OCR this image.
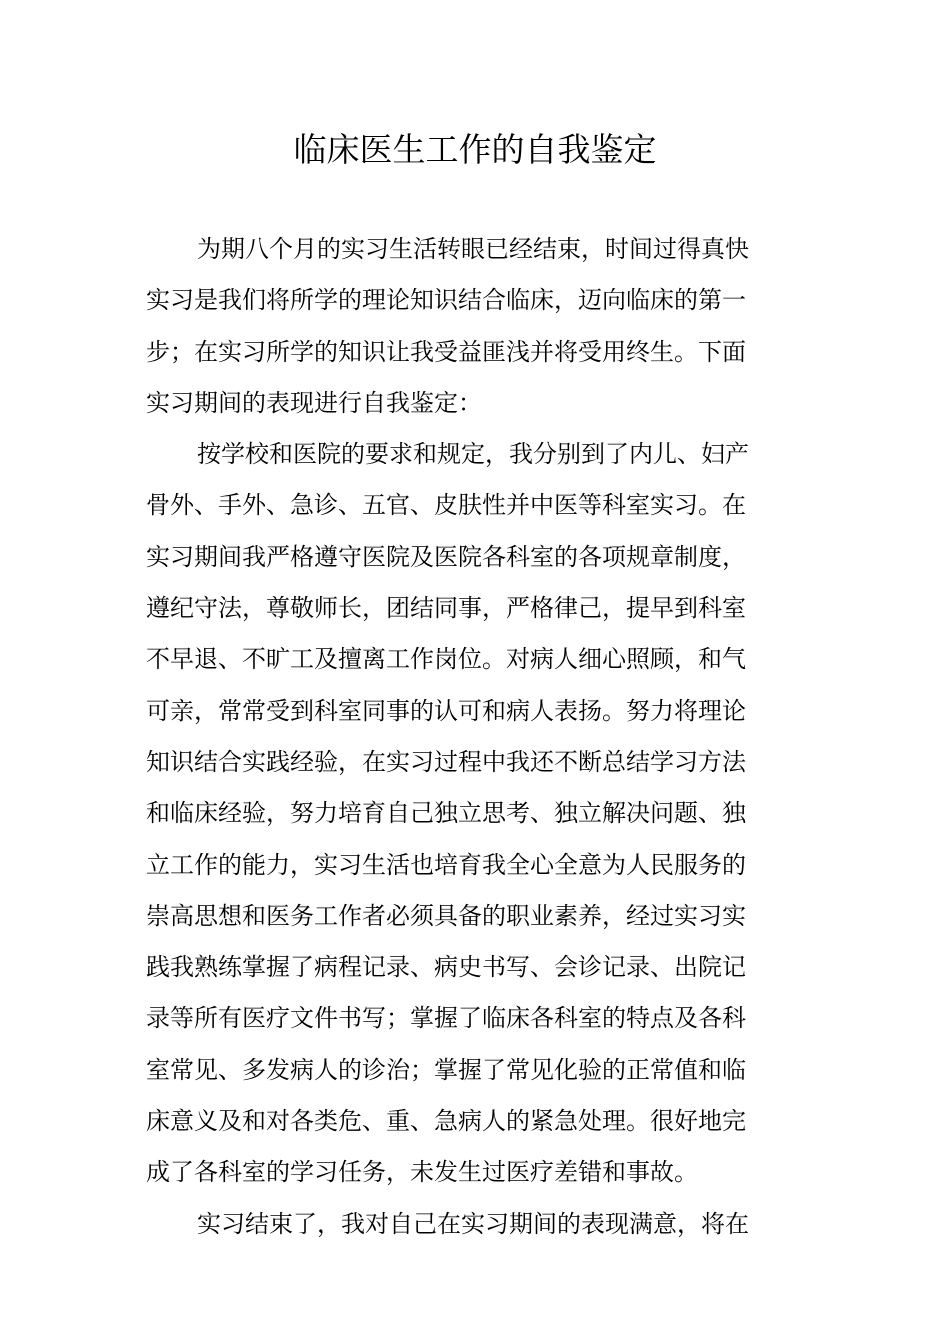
临床医生工作的自我鉴定
为期八个月的实习生活转眼已经结束，时间过得真快
实习是我们将所学的理论知识结合临床，迈向临床的第一
步；在实习所学的知识让我受益匪浅并将受用终生。下面
实习期间的表现进行自我鉴定：
按学校和医院的要求和规定，我分别到了内儿、妇产
骨外、手外、急诊、五官、皮肤性并中医等科室实习。在
实习期间我严格遵守医院及医院各科室的各项规章制度，
遵纪守法，尊敬师长，团结同事，严格律己，提早到科室
不早退、不旷工及擅离工作岗位。对病人细心照顾，和气
可亲，常常受到科室同事的认可和病人表扬。努力将理论
知识结合实践经验，在实习过程中我还不断总结学习方法
和临床经验，努力培育自己独立思考、独立解决问题、独
立工作的能力，实习生活也培育我全心全意为人民服务的
崇高思想和医务工作者必须具备的职业素养，经过实习实
践我熟练掌握了病程记录、病史书写、会诊记录、出院记
录等所有医疗文件书写；掌握了临床各科室的特点及各科
室常见、多发病人的诊治；掌握了常见化验的正常值和临
床意义及和对各类危、重、急病人的紧急处理。很好地完
成了各科室的学习任务，未发生过医疗差错和事故。
实习结束了，我对自己在实习期间的表现满意，将在
